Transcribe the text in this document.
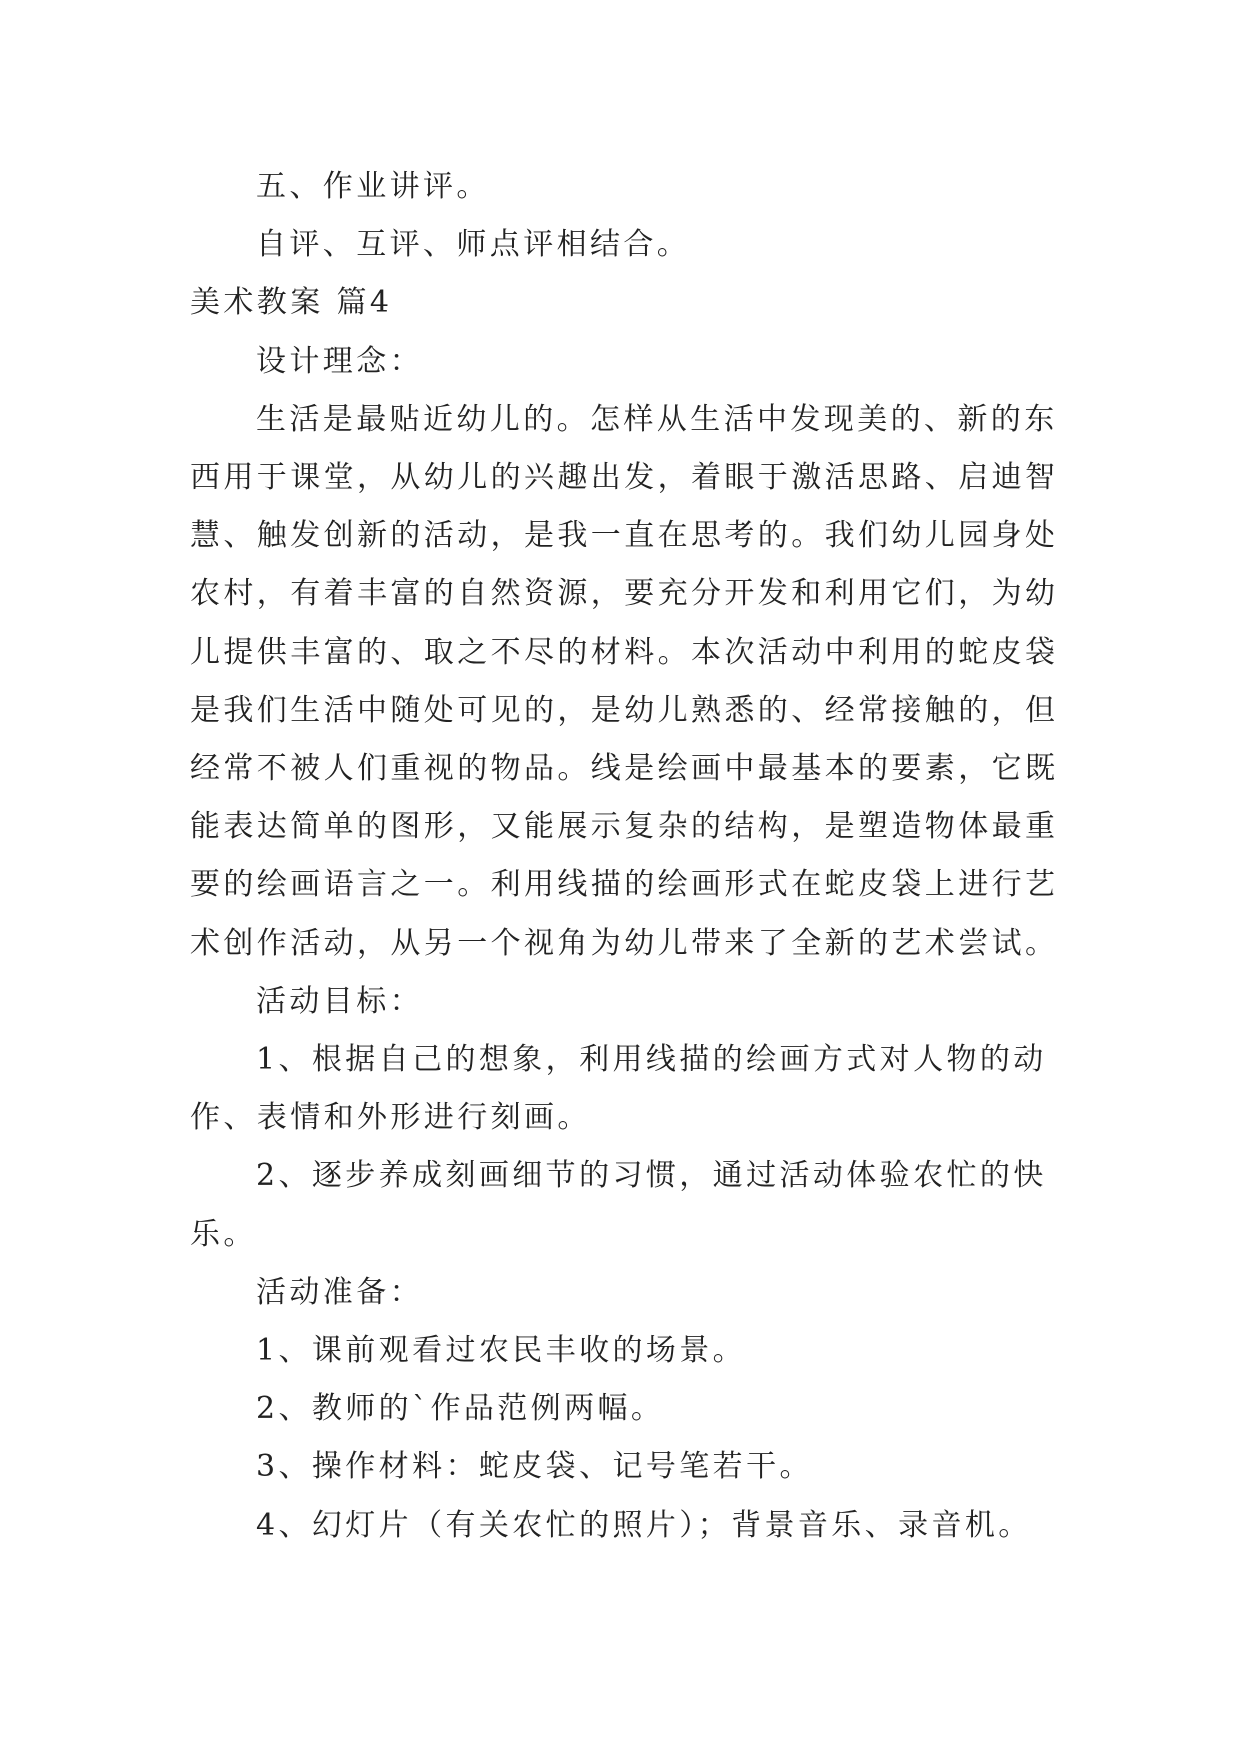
五、作业讲评。

自评、互评、师点评相结合。

美术教案 篇4

设计理念：

生活是最贴近幼儿的。怎样从生活中发现美的、新的东西用于课堂，从幼儿的兴趣出发，着眼于激活思路、启迪智慧、触发创新的活动，是我一直在思考的。我们幼儿园身处农村，有着丰富的自然资源，要充分开发和利用它们，为幼儿提供丰富的、取之不尽的材料。本次活动中利用的蛇皮袋是我们生活中随处可见的，是幼儿熟悉的、经常接触的，但经常不被人们重视的物品。线是绘画中最基本的要素，它既能表达简单的图形，又能展示复杂的结构，是塑造物体最重要的绘画语言之一。利用线描的绘画形式在蛇皮袋上进行艺术创作活动，从另一个视角为幼儿带来了全新的艺术尝试。

活动目标：

1、根据自己的想象，利用线描的绘画方式对人物的动作、表情和外形进行刻画。

2、逐步养成刻画细节的习惯，通过活动体验农忙的快乐。

活动准备：

1、课前观看过农民丰收的场景。

2、教师的`作品范例两幅。

3、操作材料：蛇皮袋、记号笔若干。

4、幻灯片（有关农忙的照片）；背景音乐、录音机。
